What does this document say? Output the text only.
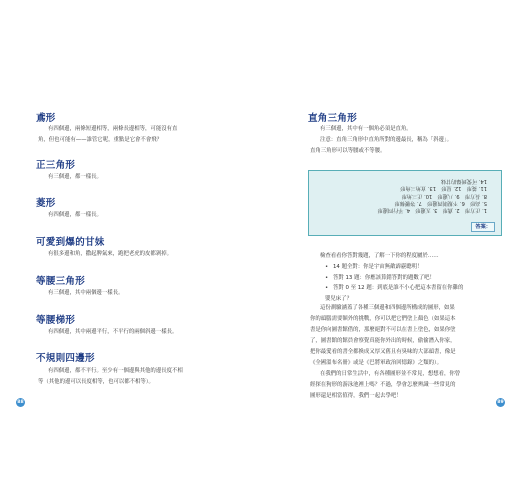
鳶形
有四個邊，兩條短邊相等，兩條長邊相等，可能沒有直
角，但也可能有——誰管它呢，重點是它會不會飛？
正三角形
有三個邊，都一樣長。
菱形
有四個邊，都一樣長。
可愛到爆的甘妹
有很多邊和角，撒起脾氣來，跑把老虎的皮都剝掉。
等腰三角形
有三個邊，其中兩個邊一樣長。
等腰梯形
有四個邊，其中兩邊平行，不平行的兩個斜邊一樣長。
不規則四邊形
有四個邊，都不平行。至少有一個邊與其他的邊長度不相
等（其他的邊可以長度相等，也可以都不相等）。
88
直角三角形
有三個邊，其中有一個角必須是直角。
注意：直角三角形中直角所對的邊最長，稱為「斜邊」。
直角三角形可以等腰或不等腰。
1. 正方形　2. 鳶形　3. 五邊形　4. 平行四邊形
5. 高形　6. 不規則四邊形　7. 等腰梯形
8. 長方形　9. 八邊形　10. 正三角形
11. 菱形　12. 星形　13. 直角三角形
14. 可愛到爆的甘妹
答案：
檢查看看你答對幾題，了解一下你的程度屬於……
• 14 題全對：你是宇宙無敵霹靂聰明！
• 答對 13 題：你應該算錯答對的題數了吧！
• 答對 0 至 12 題：到底是誰不小心把這本書留在你雞的
嬰兒床了？
這份測驗涵蓋了各種三個邊和四個邊所構成的圖形，如果
你的頭腦需要額外的挑戰，你可以把它們塗上顏色（如果這本
書是你向圖書館借的，那麼絕對不可以在書上塗色，如果你塗
了，圖書館的館員會察覺真能你外出的時候，偷偷潛入你家，
把你最愛看的書全都換成又厚又舊且有臭味的大部頭書，像是
《全國溫布名冊》或是《巴將軍政治回憶錄》之類的）。
在我們的日常生活中，有各種圖形並不常見，想想看，你曾
經探在狗形的游泳池裡上嗎？不過，學會怎麼辨識一些常見的
圖形還是相當值得，我們一起去學吧！
89
